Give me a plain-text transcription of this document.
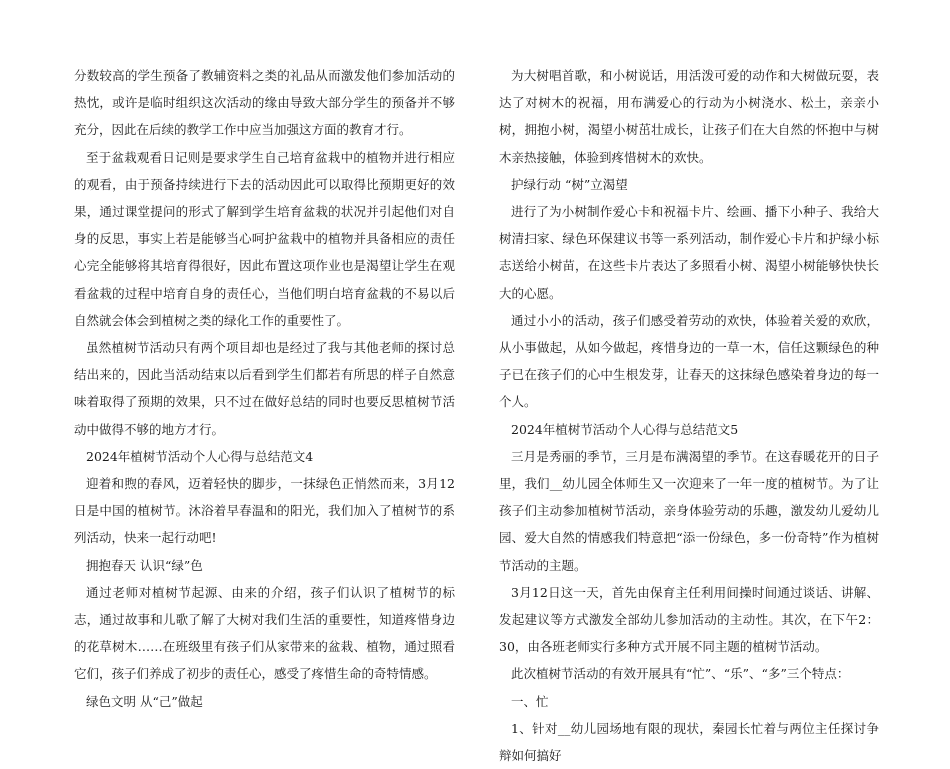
分数较高的学生预备了教辅资料之类的礼品从而激发他们参加活动的热忱，或许是临时组织这次活动的缘由导致大部分学生的预备并不够充分，因此在后续的教学工作中应当加强这方面的教育才行。

至于盆栽观看日记则是要求学生自己培育盆栽中的植物并进行相应的观看，由于预备持续进行下去的活动因此可以取得比预期更好的效果，通过课堂提问的形式了解到学生培育盆栽的状况并引起他们对自身的反思，事实上若是能够当心呵护盆栽中的植物并具备相应的责任心完全能够将其培育得很好，因此布置这项作业也是渴望让学生在观看盆栽的过程中培育自身的责任心，当他们明白培育盆栽的不易以后自然就会体会到植树之类的绿化工作的重要性了。

虽然植树节活动只有两个项目却也是经过了我与其他老师的探讨总结出来的，因此当活动结束以后看到学生们都若有所思的样子自然意味着取得了预期的效果，只不过在做好总结的同时也要反思植树节活动中做得不够的地方才行。

2024年植树节活动个人心得与总结范文4

迎着和煦的春风，迈着轻快的脚步，一抹绿色正悄然而来，3月12日是中国的植树节。沐浴着早春温和的阳光，我们加入了植树节的系列活动，快来一起行动吧!

拥抱春天 认识“绿”色

通过老师对植树节起源、由来的介绍，孩子们认识了植树节的标志，通过故事和儿歌了解了大树对我们生活的重要性，知道疼惜身边的花草树木……在班级里有孩子们从家带来的盆栽、植物，通过照看它们，孩子们养成了初步的责任心，感受了疼惜生命的奇特情感。

绿色文明 从“己”做起

为大树唱首歌，和小树说话，用活泼可爱的动作和大树做玩耍，表达了对树木的祝福，用布满爱心的行动为小树浇水、松土，亲亲小树，拥抱小树，渴望小树茁壮成长，让孩子们在大自然的怀抱中与树木亲热接触，体验到疼惜树木的欢快。

护绿行动 “树”立渴望

进行了为小树制作爱心卡和祝福卡片、绘画、播下小种子、我给大树清扫家、绿色环保建议书等一系列活动，制作爱心卡片和护绿小标志送给小树苗，在这些卡片表达了多照看小树、渴望小树能够快快长大的心愿。

通过小小的活动，孩子们感受着劳动的欢快，体验着关爱的欢欣，从小事做起，从如今做起，疼惜身边的一草一木，信任这颗绿色的种子已在孩子们的心中生根发芽，让春天的这抹绿色感染着身边的每一个人。

2024年植树节活动个人心得与总结范文5

三月是秀丽的季节，三月是布满渴望的季节。在这春暖花开的日子里，我们__幼儿园全体师生又一次迎来了一年一度的植树节。为了让孩子们主动参加植树节活动，亲身体验劳动的乐趣，激发幼儿爱幼儿园、爱大自然的情感我们特意把“添一份绿色，多一份奇特”作为植树节活动的主题。

3月12日这一天，首先由保育主任利用间操时间通过谈话、讲解、发起建议等方式激发全部幼儿参加活动的主动性。其次，在下午2：30，由各班老师实行多种方式开展不同主题的植树节活动。

此次植树节活动的有效开展具有“忙”、“乐”、“多”三个特点：

一、忙

1、针对__幼儿园场地有限的现状，秦园长忙着与两位主任探讨争辩如何搞好
